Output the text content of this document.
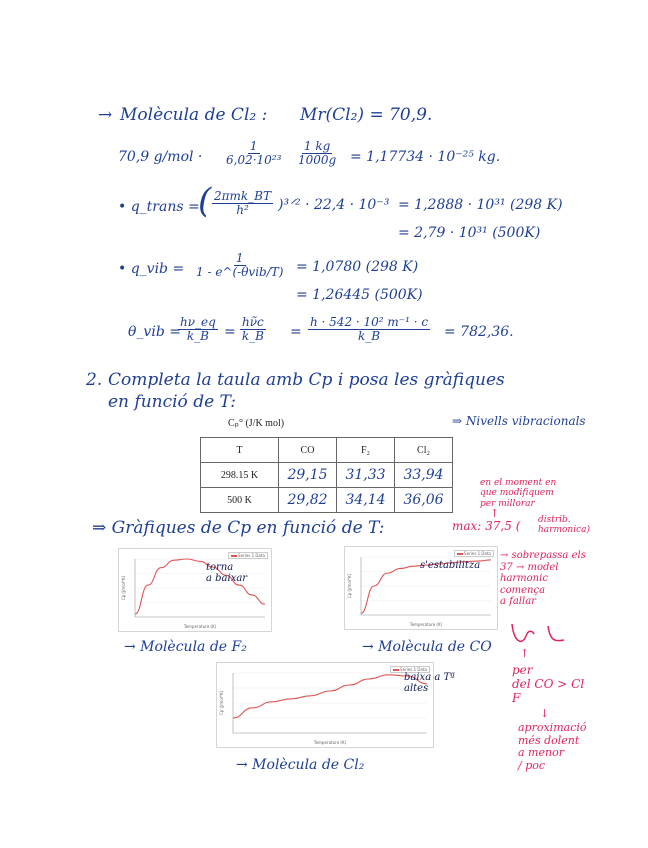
→ Molècula de Cl₂ : Mr(Cl₂) = 70,9.
70,9 $g/mol \cdot \frac{1}{\text{6,02·10²³}} \frac{1 kg}{1000g} = 1,17734 \cdot 10^{-25}$ kg.
• q_trans =
( 2πmk_BT
h² )³ᐟ² · 22,4 · 10⁻³ = 1,2888 · 10³¹ (298 K)
= 2,79 · 10³¹ (500K)
• q_vib =
1
1 - e^(-θvib/T) = 1,0780 (298 K)
= 1,26445 (500K)
θ_vib =
$\frac{h\nu\_eq}{k\_B} = \frac{h\nũc}{k\_B} = \frac{\text{h · 542 · 10² m⁻¹ · c}}{k\_B} = 782,36$.
2. Completa la taula amb Cp i posa les gràfiques
en funció de T:
⇒ Nivells vibracionals
Cₚ° (J/K mol)
T	CO	F₂	Cl₂
298.15 K	29,15	31,33	33,94
500 K	29,82	34,14	36,06
en el moment en
que modifiquem
per millorar
↑
max: 37,5 ( distrib.
harmonica)
⇒ Gràfiques de Cp en funció de T:
Temperature (K)
Cp (J/mol*K)
Series 1 Data
torna
a baixar
→ Molècula de F₂
Temperature (K)
Cp (J/mol*K)
Series 1 Data
s'estabilitza
→ Molècula de CO
→ sobrepassa els
37 → model
harmonic
comença
a fallar
↑
per
del CO > Cl
F
↓
aproximació
més dolent
a menor
/ poc
Temperature (K)
Cp (J/mol*K)
Series 1 Data
baixa a Tª
altes
→ Molècula de Cl₂
